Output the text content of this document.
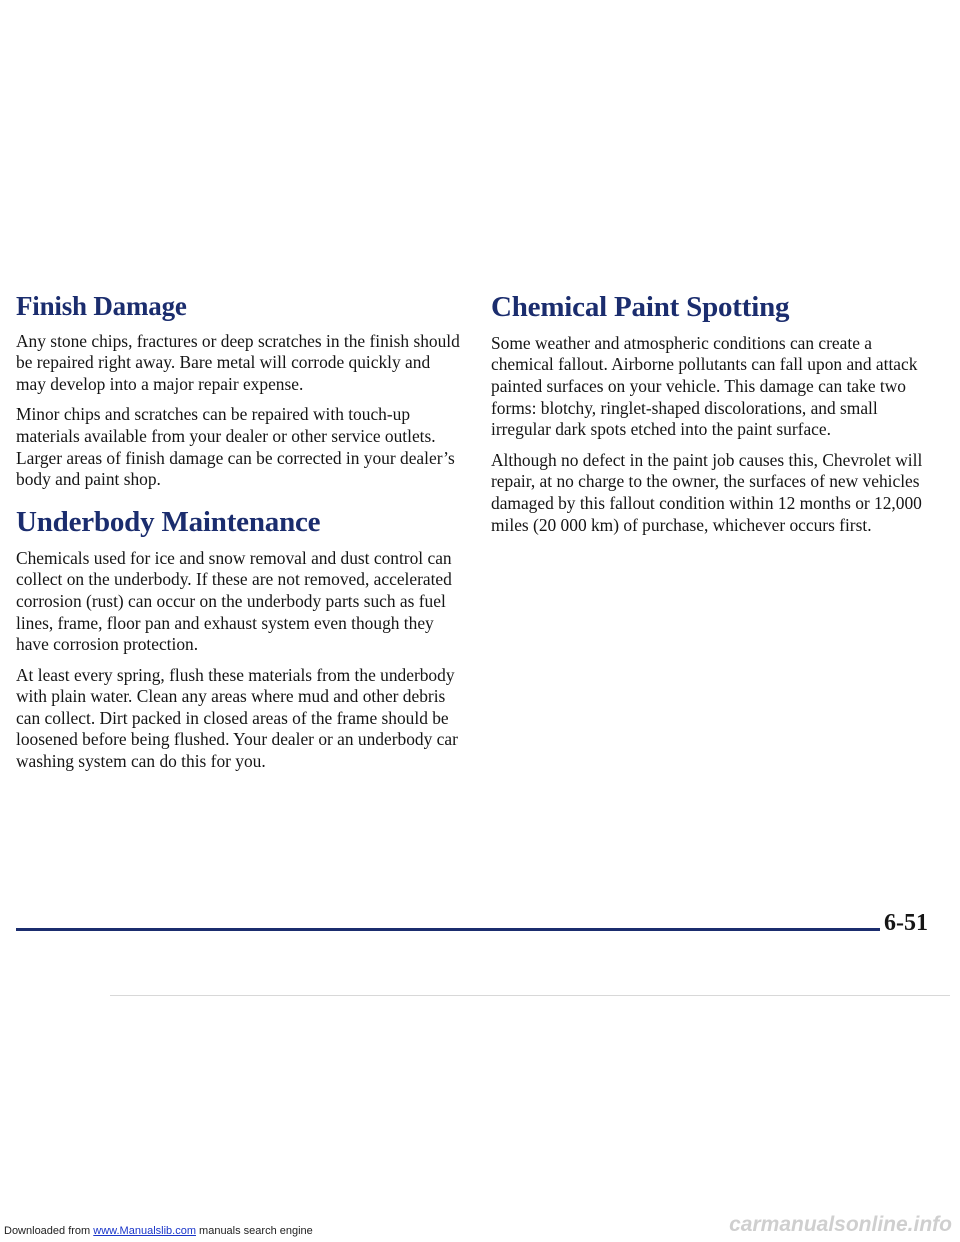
Finish Damage

Any stone chips, fractures or deep scratches in the finish should be repaired right away. Bare metal will corrode quickly and may develop into a major repair expense.

Minor chips and scratches can be repaired with touch-up materials available from your dealer or other service outlets. Larger areas of finish damage can be corrected in your dealer’s body and paint shop.

Underbody Maintenance

Chemicals used for ice and snow removal and dust control can collect on the underbody. If these are not removed, accelerated corrosion (rust) can occur on the underbody parts such as fuel lines, frame, floor pan and exhaust system even though they have corrosion protection.

At least every spring, flush these materials from the underbody with plain water. Clean any areas where mud and other debris can collect. Dirt packed in closed areas of the frame should be loosened before being flushed. Your dealer or an underbody car washing system can do this for you.

Chemical Paint Spotting

Some weather and atmospheric conditions can create a chemical fallout. Airborne pollutants can fall upon and attack painted surfaces on your vehicle. This damage can take two forms: blotchy, ringlet-shaped discolorations, and small irregular dark spots etched into the paint surface.

Although no defect in the paint job causes this, Chevrolet will repair, at no charge to the owner, the surfaces of new vehicles damaged by this fallout condition within 12 months or 12,000 miles (20 000 km) of purchase, whichever occurs first.

6-51
Downloaded from www.Manualslib.com manuals search engine	carmanualsonline.info
